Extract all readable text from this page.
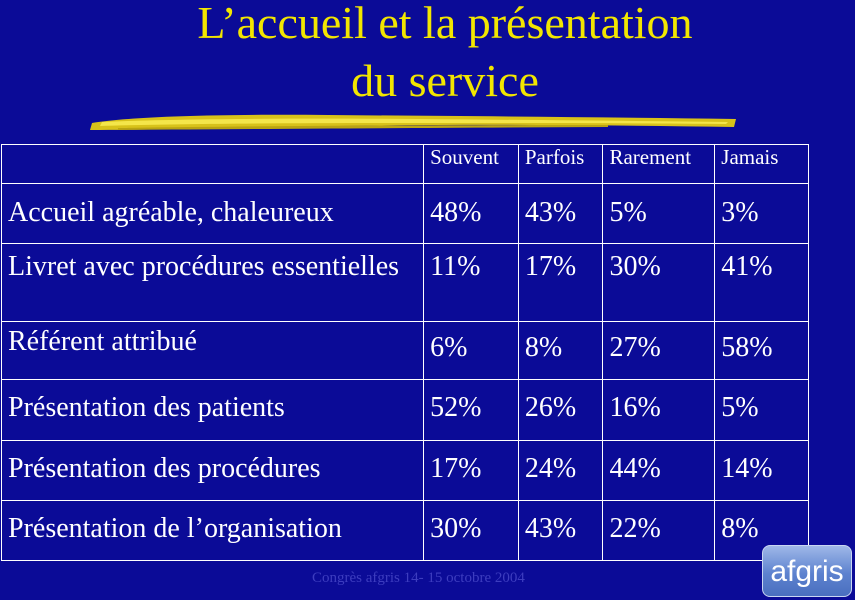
L’accueil et la présentation
du service
	Souvent	Parfois	Rarement	Jamais
Accueil agréable, chaleureux	48%	43%	5%	3%
Livret avec procédures essentielles	11%	17%	30%	41%
Référent attribué	6%	8%	27%	58%
Présentation des patients	52%	26%	16%	5%
Présentation des procédures	17%	24%	44%	14%
Présentation de l’organisation	30%	43%	22%	8%
Congrès afgris 14- 15 octobre 2004	afgris
